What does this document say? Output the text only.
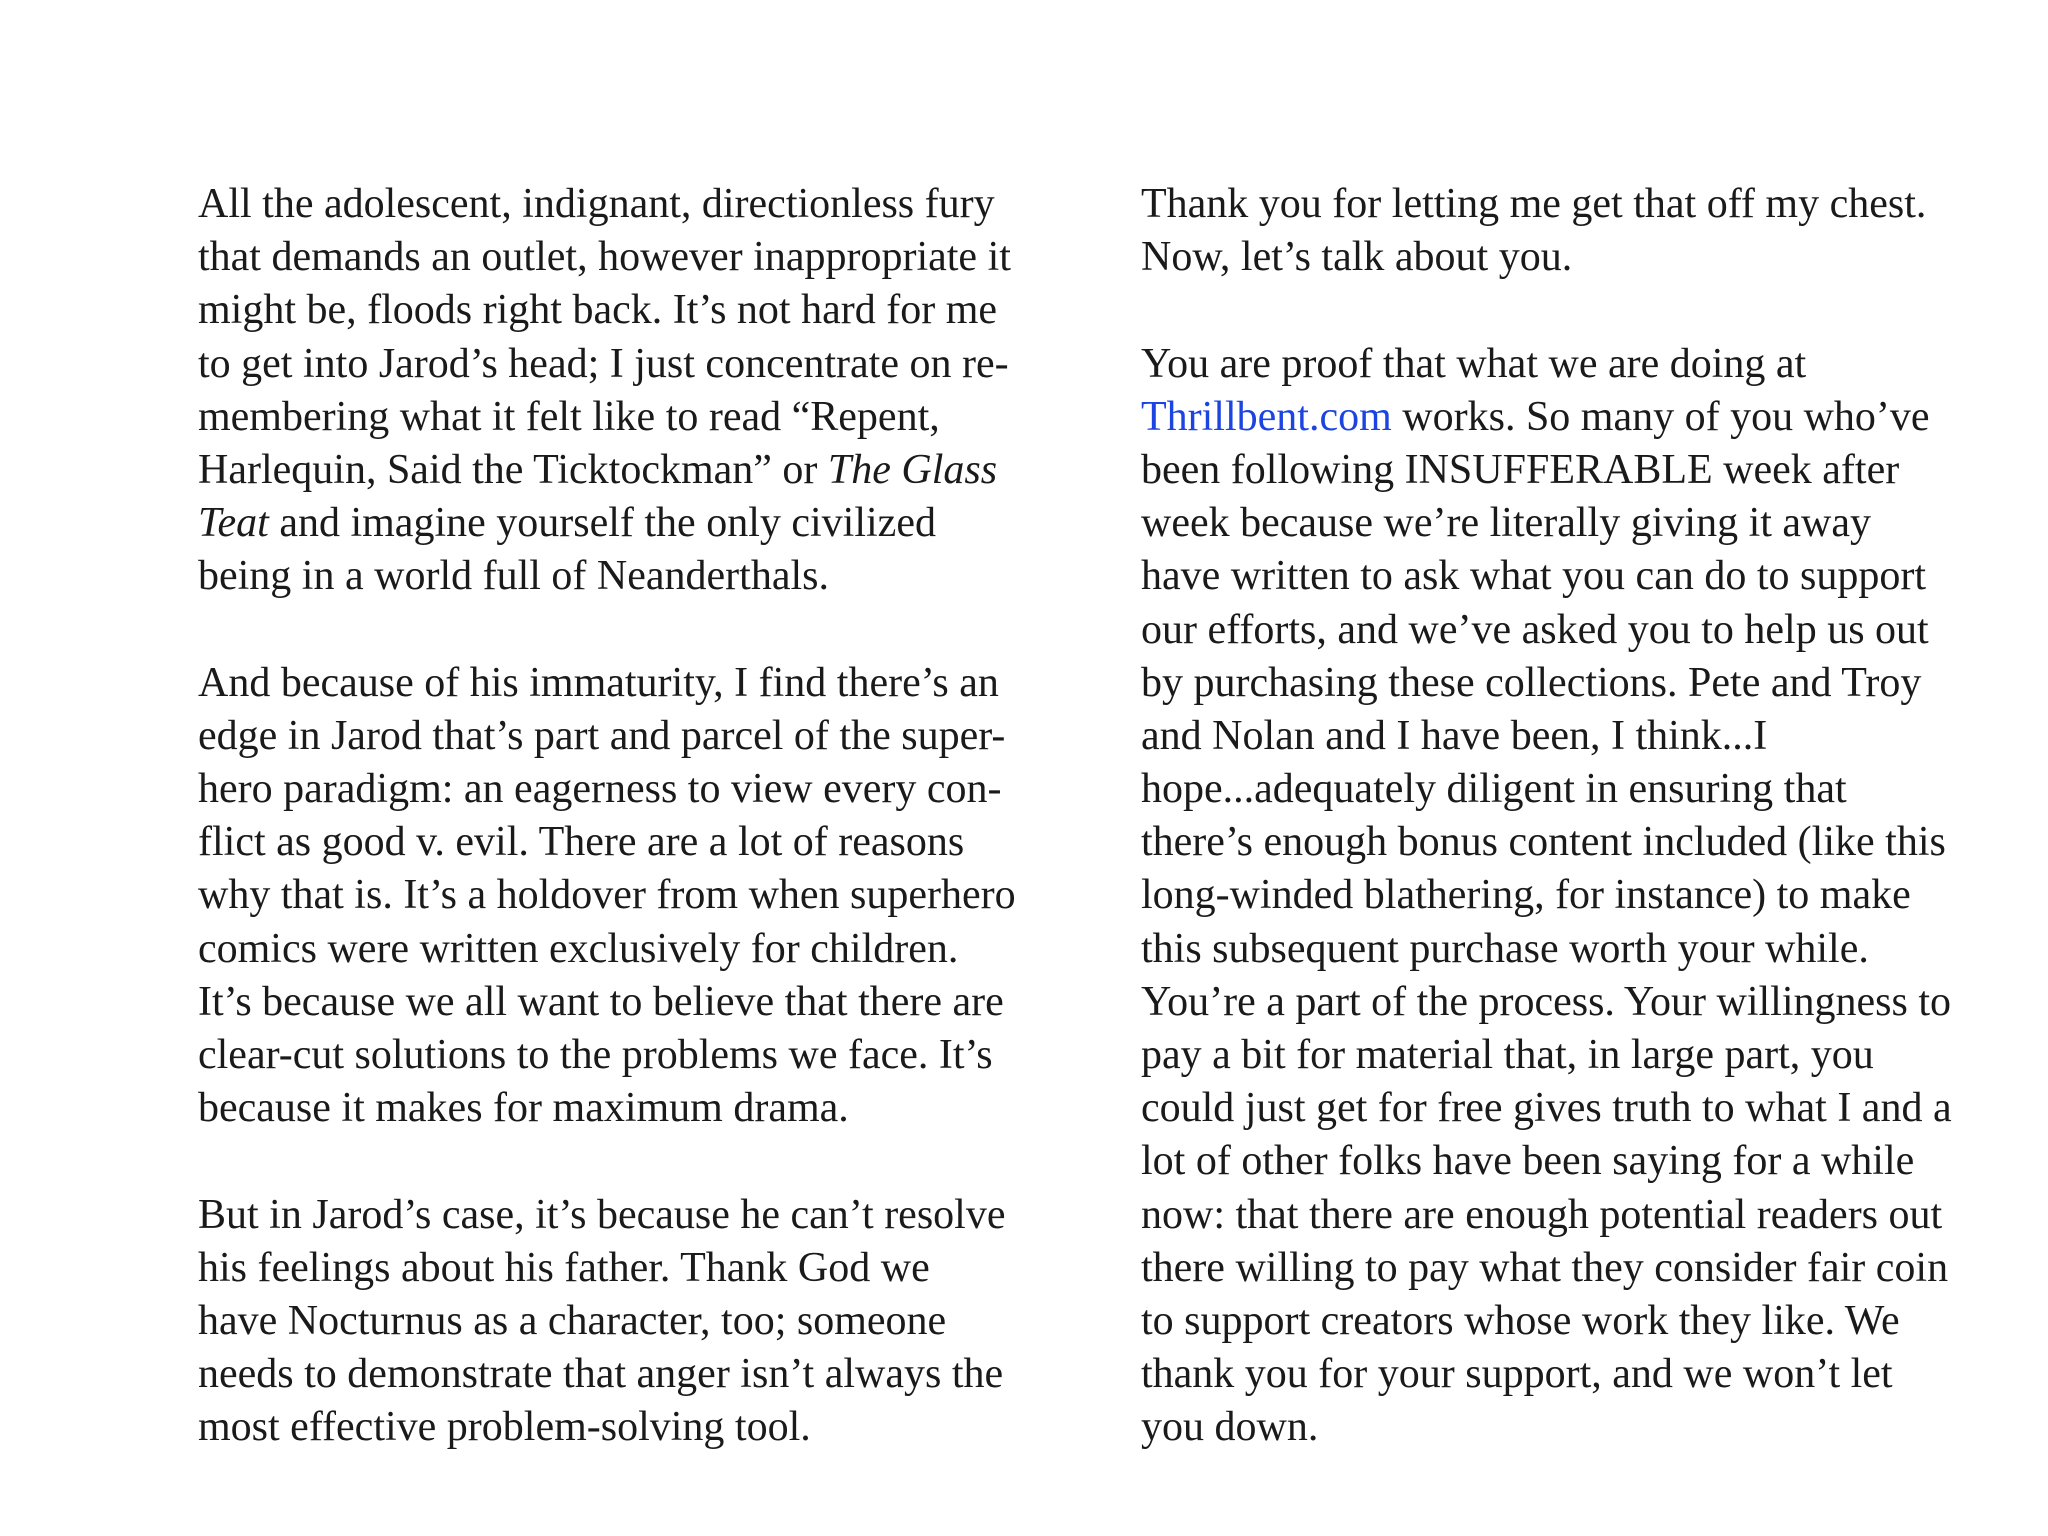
All the adolescent, indignant, directionless fury
that demands an outlet, however inappropriate it
might be, floods right back. It’s not hard for me
to get into Jarod’s head; I just concentrate on re-
membering what it felt like to read “Repent,
Harlequin, Said the Ticktockman” or The Glass
Teat and imagine yourself the only civilized
being in a world full of Neanderthals.
And because of his immaturity, I find there’s an
edge in Jarod that’s part and parcel of the super-
hero paradigm: an eagerness to view every con-
flict as good v. evil. There are a lot of reasons
why that is. It’s a holdover from when superhero
comics were written exclusively for children.
It’s because we all want to believe that there are
clear-cut solutions to the problems we face. It’s
because it makes for maximum drama.
But in Jarod’s case, it’s because he can’t resolve
his feelings about his father. Thank God we
have Nocturnus as a character, too; someone
needs to demonstrate that anger isn’t always the
most effective problem-solving tool.
Thank you for letting me get that off my chest.
Now, let’s talk about you.
You are proof that what we are doing at
Thrillbent.com works. So many of you who’ve
been following INSUFFERABLE week after
week because we’re literally giving it away
have written to ask what you can do to support
our efforts, and we’ve asked you to help us out
by purchasing these collections. Pete and Troy
and Nolan and I have been, I think...I
hope...adequately diligent in ensuring that
there’s enough bonus content included (like this
long-winded blathering, for instance) to make
this subsequent purchase worth your while.
You’re a part of the process. Your willingness to
pay a bit for material that, in large part, you
could just get for free gives truth to what I and a
lot of other folks have been saying for a while
now: that there are enough potential readers out
there willing to pay what they consider fair coin
to support creators whose work they like. We
thank you for your support, and we won’t let
you down.
